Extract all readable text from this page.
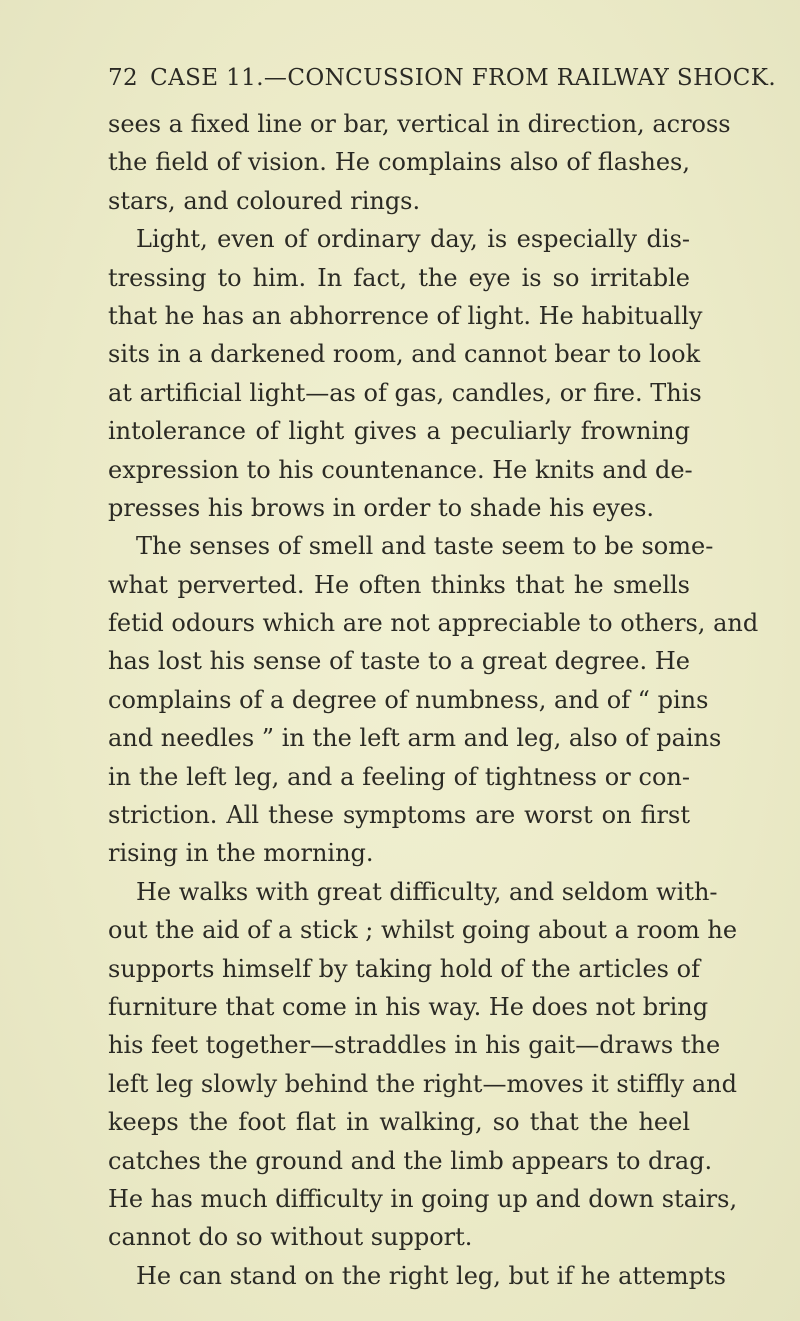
72 CASE 11.—CONCUSSION FROM RAILWAY SHOCK.
sees a fixed line or bar, vertical in direction, across
the field of vision. He complains also of flashes,
stars, and coloured rings.
Light, even of ordinary day, is especially dis-
tressing to him. In fact, the eye is so irritable
that he has an abhorrence of light. He habitually
sits in a darkened room, and cannot bear to look
at artificial light—as of gas, candles, or fire. This
intolerance of light gives a peculiarly frowning
expression to his countenance. He knits and de-
presses his brows in order to shade his eyes.
The senses of smell and taste seem to be some-
what perverted. He often thinks that he smells
fetid odours which are not appreciable to others, and
has lost his sense of taste to a great degree. He
complains of a degree of numbness, and of “ pins
and needles ” in the left arm and leg, also of pains
in the left leg, and a feeling of tightness or con-
striction. All these symptoms are worst on first
rising in the morning.
He walks with great difficulty, and seldom with-
out the aid of a stick ; whilst going about a room he
supports himself by taking hold of the articles of
furniture that come in his way. He does not bring
his feet together—straddles in his gait—draws the
left leg slowly behind the right—moves it stiffly and
keeps the foot flat in walking, so that the heel
catches the ground and the limb appears to drag.
He has much difficulty in going up and down stairs,
cannot do so without support.
He can stand on the right leg, but if he attempts
